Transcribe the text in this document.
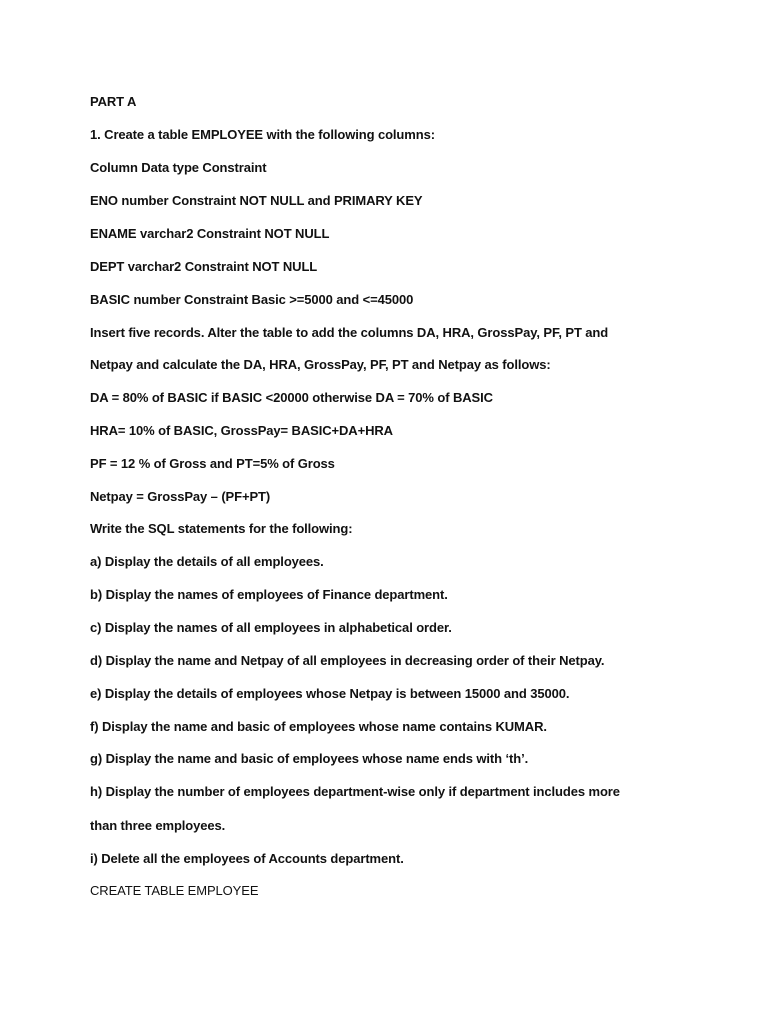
PART A
1. Create a table EMPLOYEE with the following columns:
Column Data type Constraint
ENO number Constraint NOT NULL and PRIMARY KEY
ENAME varchar2 Constraint NOT NULL
DEPT varchar2 Constraint NOT NULL
BASIC number Constraint Basic >=5000 and <=45000
Insert five records. Alter the table to add the columns DA, HRA, GrossPay, PF, PT and
Netpay and calculate the DA, HRA, GrossPay, PF, PT and Netpay as follows:
DA = 80% of BASIC if BASIC <20000 otherwise DA = 70% of BASIC
HRA= 10% of BASIC, GrossPay= BASIC+DA+HRA
PF = 12 % of Gross and PT=5% of Gross
Netpay = GrossPay – (PF+PT)
Write the SQL statements for the following:
a) Display the details of all employees.
b) Display the names of employees of Finance department.
c) Display the names of all employees in alphabetical order.
d) Display the name and Netpay of all employees in decreasing order of their Netpay.
e) Display the details of employees whose Netpay is between 15000 and 35000.
f) Display the name and basic of employees whose name contains KUMAR.
g) Display the name and basic of employees whose name ends with ‘th’.
h) Display the number of employees department-wise only if department includes more
than three employees.
i) Delete all the employees of Accounts department.
CREATE TABLE EMPLOYEE
